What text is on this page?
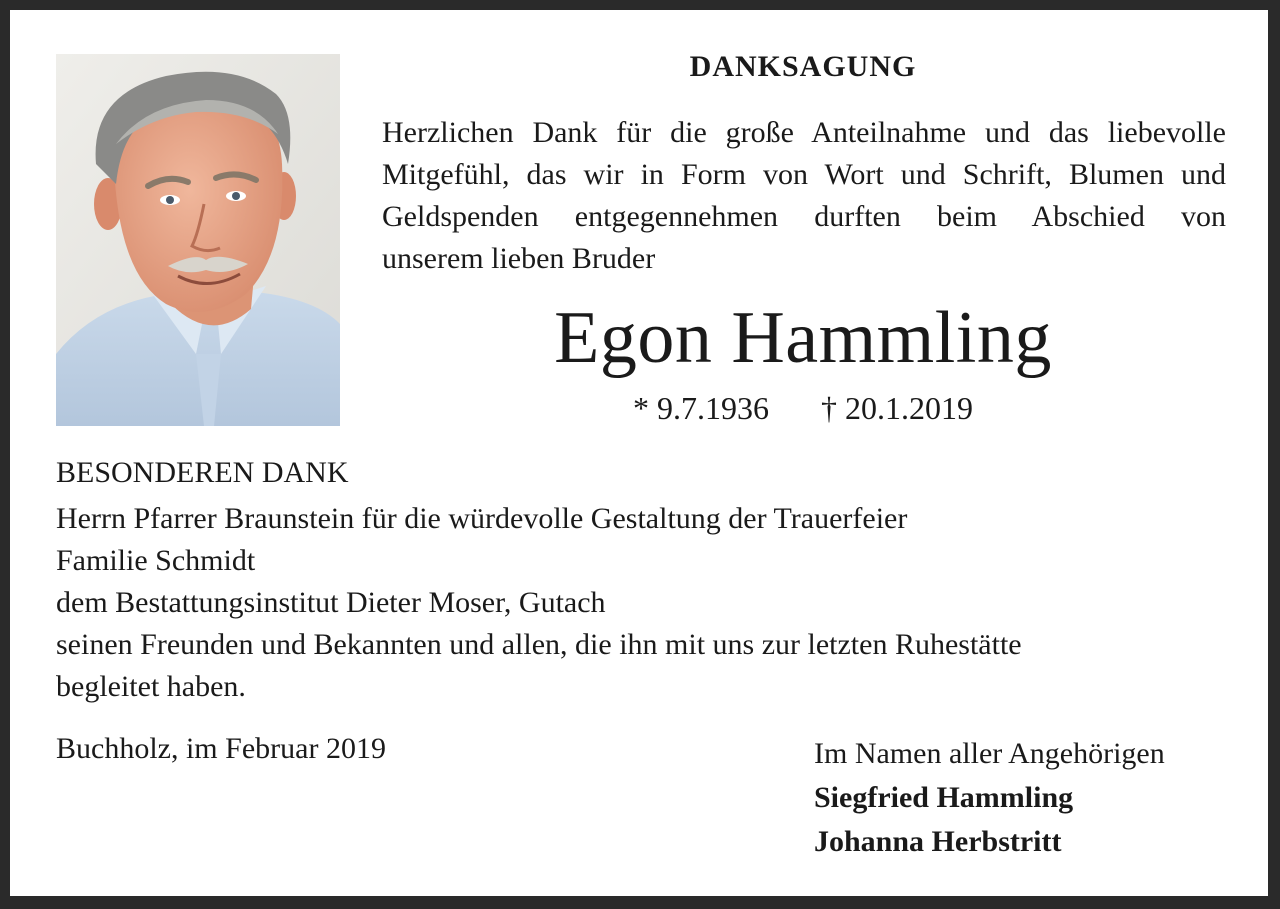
DANKSAGUNG
Herzlichen Dank für die große Anteilnahme und das liebevolle
Mitgefühl, das wir in Form von Wort und Schrift, Blumen und
Geldspenden entgegennehmen durften beim Abschied von
unserem lieben Bruder
Egon Hammling
* 9.7.1936 † 20.1.2019
BESONDEREN DANK
Herrn Pfarrer Braunstein für die würdevolle Gestaltung der Trauerfeier
Familie Schmidt
dem Bestattungsinstitut Dieter Moser, Gutach
seinen Freunden und Bekannten und allen, die ihn mit uns zur letzten Ruhestätte
begleitet haben.
Buchholz, im Februar 2019	Im Namen aller Angehörigen
Siegfried Hammling
Johanna Herbstritt
